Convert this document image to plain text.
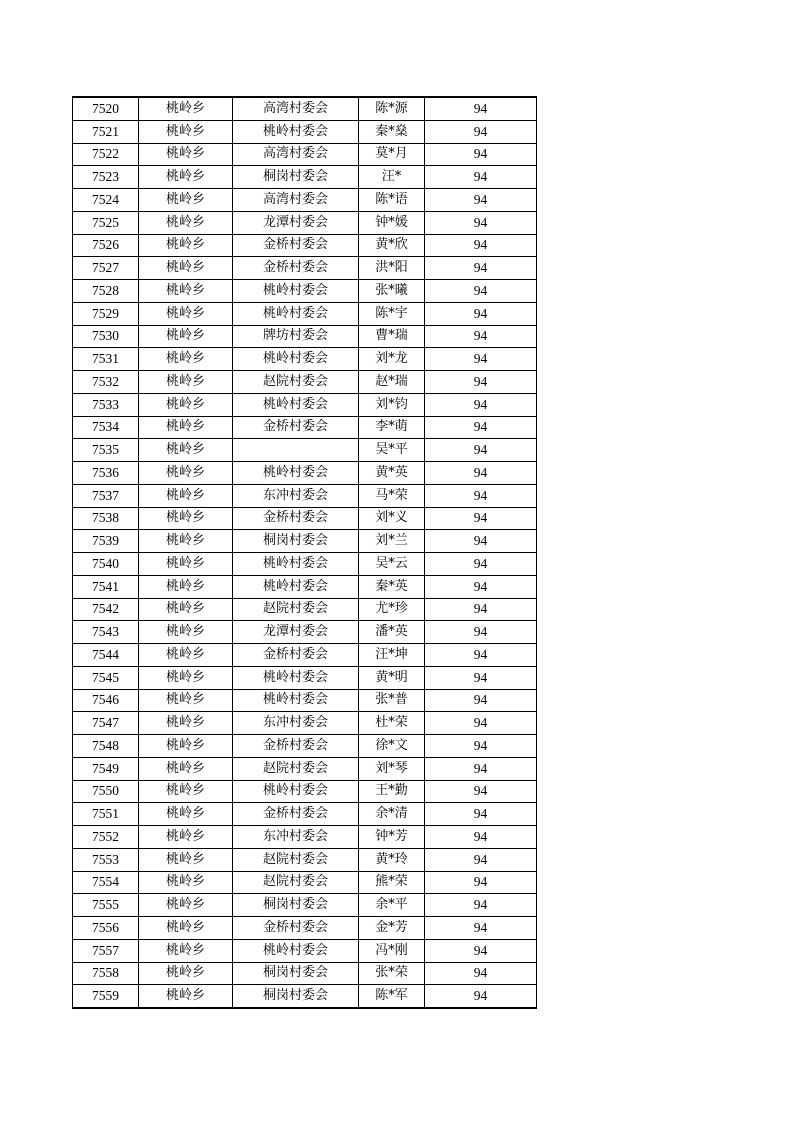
7520	桃岭乡	高湾村委会	陈*源	94
7521	桃岭乡	桃岭村委会	秦*燊	94
7522	桃岭乡	高湾村委会	莫*月	94
7523	桃岭乡	桐岗村委会	汪*	94
7524	桃岭乡	高湾村委会	陈*语	94
7525	桃岭乡	龙潭村委会	钟*媛	94
7526	桃岭乡	金桥村委会	黄*欣	94
7527	桃岭乡	金桥村委会	洪*阳	94
7528	桃岭乡	桃岭村委会	张*曦	94
7529	桃岭乡	桃岭村委会	陈*宇	94
7530	桃岭乡	牌坊村委会	曹*瑞	94
7531	桃岭乡	桃岭村委会	刘*龙	94
7532	桃岭乡	赵院村委会	赵*瑞	94
7533	桃岭乡	桃岭村委会	刘*钧	94
7534	桃岭乡	金桥村委会	李*萌	94
7535	桃岭乡		吴*平	94
7536	桃岭乡	桃岭村委会	黄*英	94
7537	桃岭乡	东冲村委会	马*荣	94
7538	桃岭乡	金桥村委会	刘*义	94
7539	桃岭乡	桐岗村委会	刘*兰	94
7540	桃岭乡	桃岭村委会	吴*云	94
7541	桃岭乡	桃岭村委会	秦*英	94
7542	桃岭乡	赵院村委会	尤*珍	94
7543	桃岭乡	龙潭村委会	潘*英	94
7544	桃岭乡	金桥村委会	汪*坤	94
7545	桃岭乡	桃岭村委会	黄*明	94
7546	桃岭乡	桃岭村委会	张*普	94
7547	桃岭乡	东冲村委会	杜*荣	94
7548	桃岭乡	金桥村委会	徐*文	94
7549	桃岭乡	赵院村委会	刘*琴	94
7550	桃岭乡	桃岭村委会	王*勤	94
7551	桃岭乡	金桥村委会	余*清	94
7552	桃岭乡	东冲村委会	钟*芳	94
7553	桃岭乡	赵院村委会	黄*玲	94
7554	桃岭乡	赵院村委会	熊*荣	94
7555	桃岭乡	桐岗村委会	余*平	94
7556	桃岭乡	金桥村委会	金*芳	94
7557	桃岭乡	桃岭村委会	冯*刚	94
7558	桃岭乡	桐岗村委会	张*荣	94
7559	桃岭乡	桐岗村委会	陈*军	94
